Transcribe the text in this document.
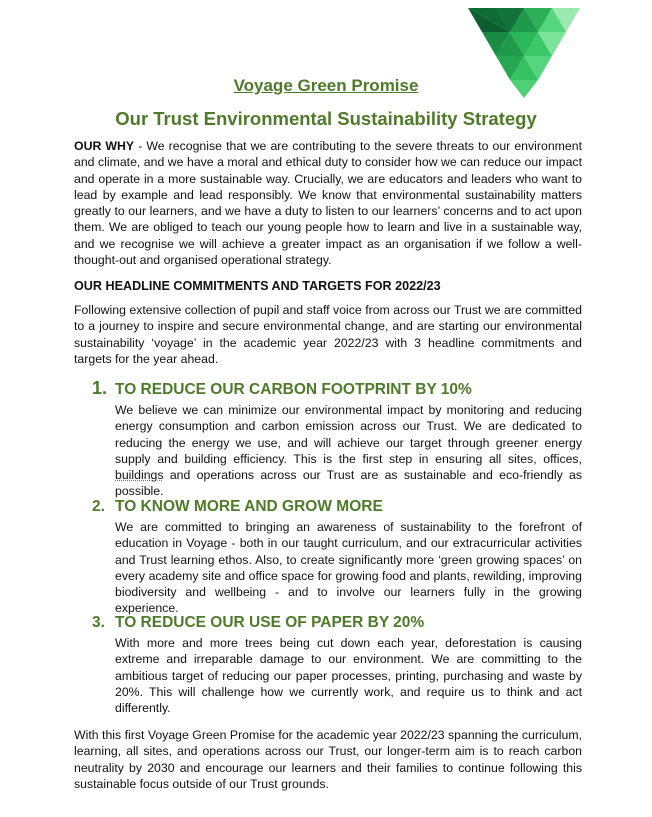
Voyage Green Promise
Our Trust Environmental Sustainability Strategy

OUR WHY - We recognise that we are contributing to the severe threats to our environment and climate, and we have a moral and ethical duty to consider how we can reduce our impact and operate in a more sustainable way. Crucially, we are educators and leaders who want to lead by example and lead responsibly. We know that environmental sustainability matters greatly to our learners, and we have a duty to listen to our learners’ concerns and to act upon them. We are obliged to teach our young people how to learn and live in a sustainable way, and we recognise we will achieve a greater impact as an organisation if we follow a well-thought-out and organised operational strategy.

OUR HEADLINE COMMITMENTS AND TARGETS FOR 2022/23

Following extensive collection of pupil and staff voice from across our Trust we are committed to a journey to inspire and secure environmental change, and are starting our environmental sustainability ‘voyage’ in the academic year 2022/23 with 3 headline commitments and targets for the year ahead.

1. TO REDUCE OUR CARBON FOOTPRINT BY 10%

We believe we can minimize our environmental impact by monitoring and reducing energy consumption and carbon emission across our Trust. We are dedicated to reducing the energy we use, and will achieve our target through greener energy supply and building efficiency. This is the first step in ensuring all sites, offices, buildings and operations across our Trust are as sustainable and eco-friendly as possible.

2. TO KNOW MORE AND GROW MORE

We are committed to bringing an awareness of sustainability to the forefront of education in Voyage - both in our taught curriculum, and our extracurricular activities and Trust learning ethos. Also, to create significantly more ‘green growing spaces’ on every academy site and office space for growing food and plants, rewilding, improving biodiversity and wellbeing - and to involve our learners fully in the growing experience.

3. TO REDUCE OUR USE OF PAPER BY 20%

With more and more trees being cut down each year, deforestation is causing extreme and irreparable damage to our environment. We are committing to the ambitious target of reducing our paper processes, printing, purchasing and waste by 20%. This will challenge how we currently work, and require us to think and act differently.

With this first Voyage Green Promise for the academic year 2022/23 spanning the curriculum, learning, all sites, and operations across our Trust, our longer-term aim is to reach carbon neutrality by 2030 and encourage our learners and their families to continue following this sustainable focus outside of our Trust grounds.
